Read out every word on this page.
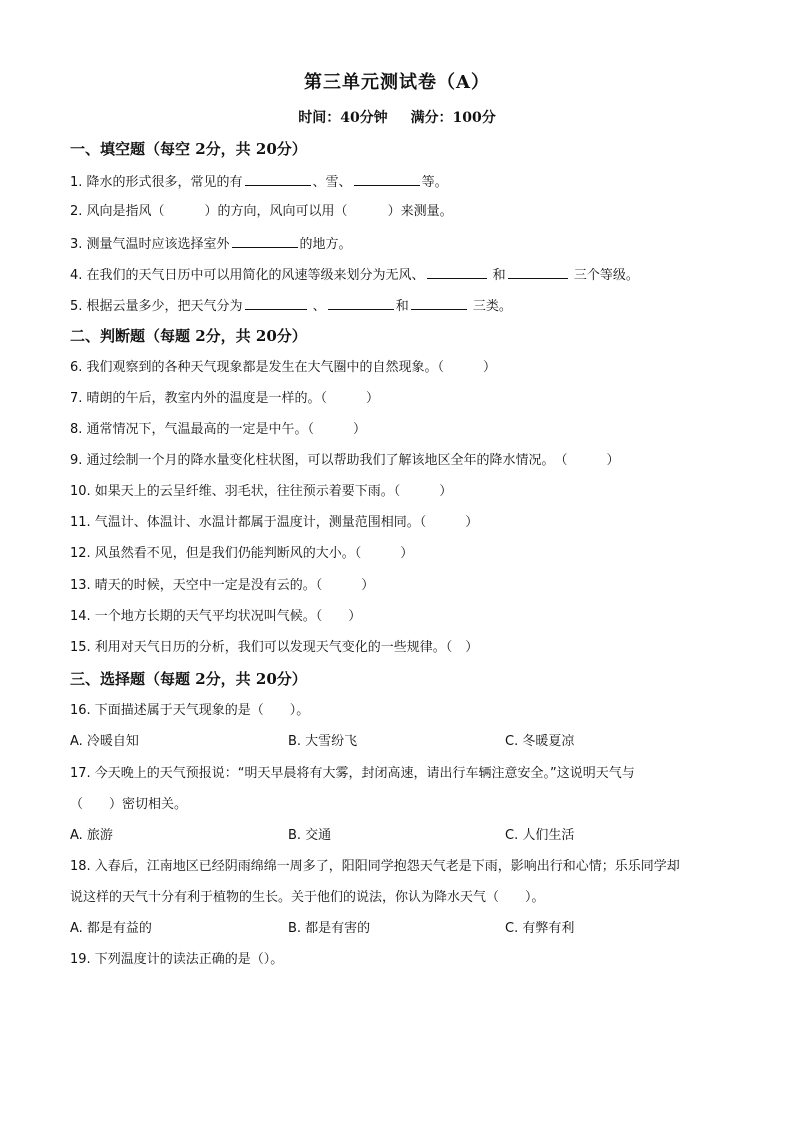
第三单元测试卷（A）
时间：40分钟 满分：100分
一、填空题（每空 2分，共 20分）
1. 降水的形式很多，常见的有	、雪、	等。
2. 风向是指风（	）的方向，风向可以用（	）来测量。
3. 测量气温时应该选择室外	的地方。
4. 在我们的天气日历中可以用简化的风速等级来划分为无风、	和	三个等级。
5. 根据云量多少，把天气分为	、	和	三类。
二、判断题（每题 2分，共 20分）
6. 我们观察到的各种天气现象都是发生在大气圈中的自然现象。（　　　）
7. 晴朗的午后，教室内外的温度是一样的。（　　　）
8. 通常情况下，气温最高的一定是中午。（　　　）
9. 通过绘制一个月的降水量变化柱状图，可以帮助我们了解该地区全年的降水情况。　（　　　）
10. 如果天上的云呈纤维、羽毛状，往往预示着要下雨。（　　　）
11. 气温计、体温计、水温计都属于温度计，测量范围相同。（　　　）
12. 风虽然看不见，但是我们仍能判断风的大小。（　　　）
13. 晴天的时候，天空中一定是没有云的。（　　　）
14. 一个地方长期的天气平均状况叫气候。（　　）
15. 利用对天气日历的分析，我们可以发现天气变化的一些规律。（　）
三、选择题（每题 2分，共 20分）
16. 下面描述属于天气现象的是（　　）。
A. 冷暖自知	B. 大雪纷飞	C. 冬暖夏凉
17. 今天晚上的天气预报说：“明天早晨将有大雾，封闭高速，请出行车辆注意安全。”这说明天气与
（　　）密切相关。
A. 旅游	B. 交通	C. 人们生活
18. 入春后，江南地区已经阴雨绵绵一周多了，阳阳同学抱怨天气老是下雨，影响出行和心情；乐乐同学却
说这样的天气十分有利于植物的生长。关于他们的说法，你认为降水天气（　　）。
A. 都是有益的	B. 都是有害的	C. 有弊有利
19. 下列温度计的读法正确的是（）。
